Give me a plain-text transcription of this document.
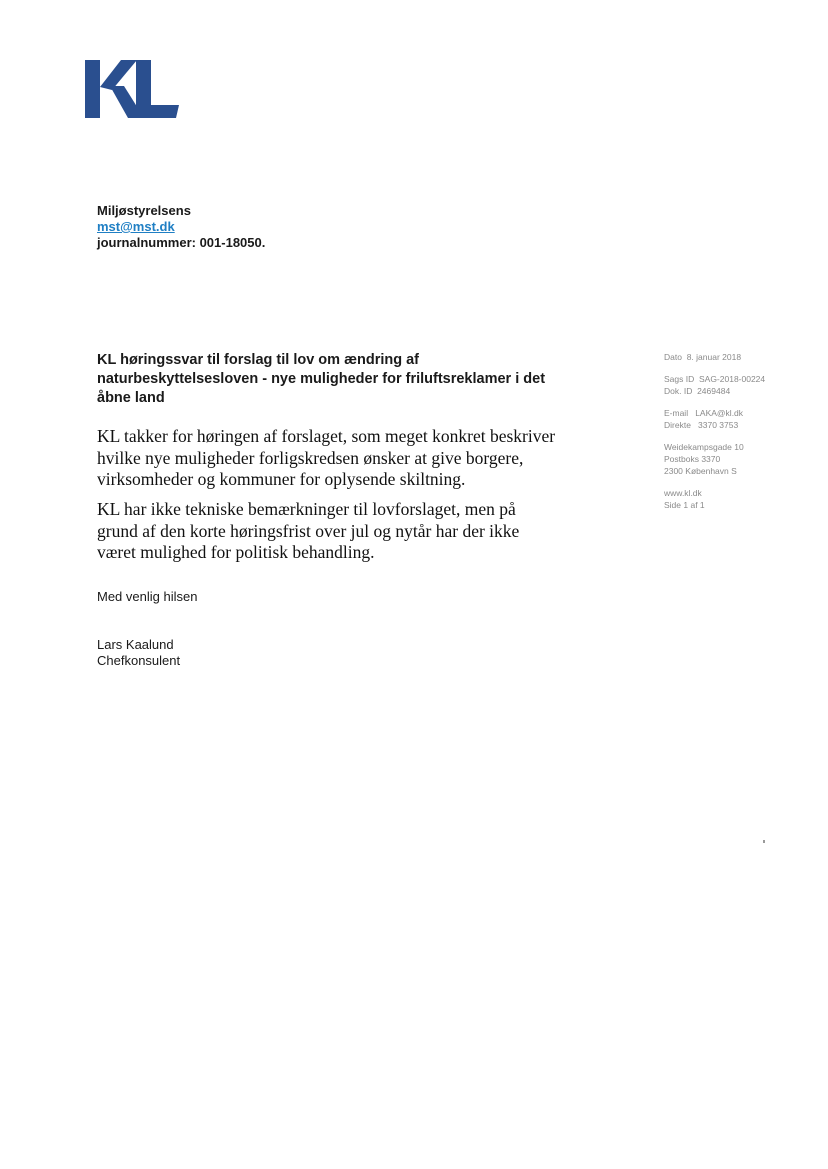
Miljøstyrelsens
mst@mst.dk
journalnummer: 001-18050.
KL høringssvar til forslag til lov om ændring af naturbeskyttelsesloven - nye muligheder for friluftsreklamer i det åbne land
KL takker for høringen af forslaget, som meget konkret beskriver hvilke nye muligheder forligskredsen ønsker at give borgere, virksomheder og kommuner for oplysende skiltning.
KL har ikke tekniske bemærkninger til lovforslaget, men på grund af den korte høringsfrist over jul og nytår har der ikke været mulighed for politisk behandling.
Med venlig hilsen
Lars Kaalund
Chefkonsulent
Dato 8. januar 2018
Sags ID SAG-2018-00224
Dok. ID 2469484
E-mail LAKA@kl.dk
Direkte 3370 3753
Weidekampsgade 10
Postboks 3370
2300 København S
www.kl.dk
Side 1 af 1
